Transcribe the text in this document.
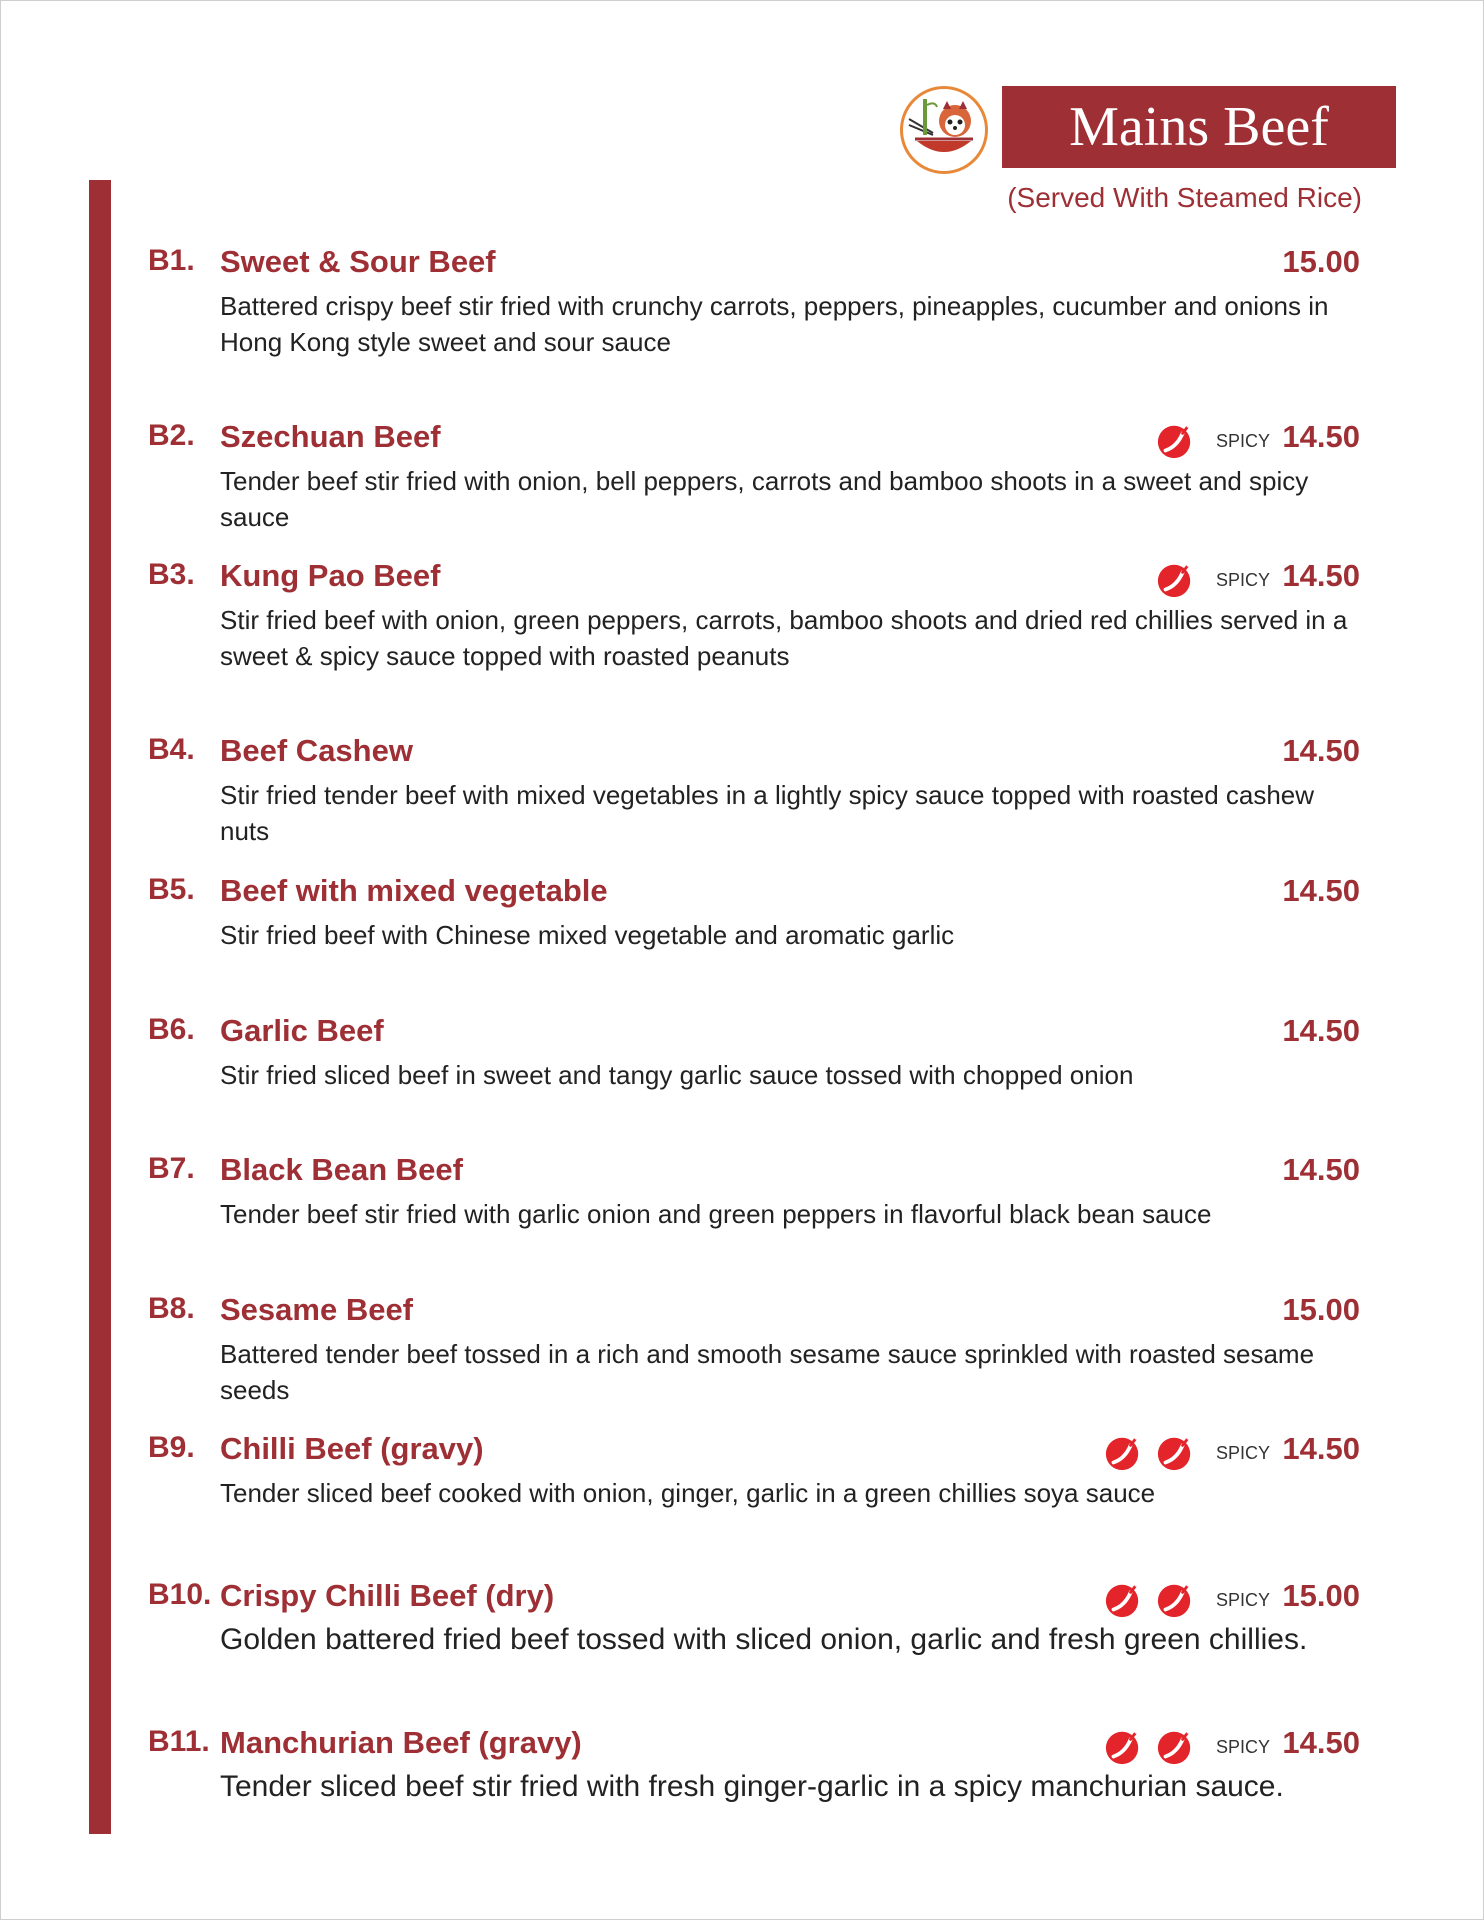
Mains Beef
(Served With Steamed Rice)
B1. Sweet & Sour Beef	15.00
Battered crispy beef stir fried with crunchy carrots, peppers, pineapples, cucumber and onions in Hong Kong style sweet and sour sauce
B2. Szechuan Beef	SPICY 14.50
Tender beef stir fried with onion, bell peppers, carrots and bamboo shoots in a sweet and spicy sauce
B3. Kung Pao Beef	SPICY 14.50
Stir fried beef with onion, green peppers, carrots, bamboo shoots and dried red chillies served in a sweet & spicy sauce topped with roasted peanuts
B4. Beef Cashew	14.50
Stir fried tender beef with mixed vegetables in a lightly spicy sauce topped with roasted cashew nuts
B5. Beef with mixed vegetable	14.50
Stir fried beef with Chinese mixed vegetable and aromatic garlic
B6. Garlic Beef	14.50
Stir fried sliced beef in sweet and tangy garlic sauce tossed with chopped onion
B7. Black Bean Beef	14.50
Tender beef stir fried with garlic onion and green peppers in flavorful black bean sauce
B8. Sesame Beef	15.00
Battered tender beef tossed in a rich and smooth sesame sauce sprinkled with roasted sesame seeds
B9. Chilli Beef (gravy)	SPICY 14.50
Tender sliced beef cooked with onion, ginger, garlic in a green chillies soya sauce
B10. Crispy Chilli Beef (dry)	SPICY 15.00
Golden battered fried beef tossed with sliced onion, garlic and fresh green chillies.
B11. Manchurian Beef (gravy)	SPICY 14.50
Tender sliced beef stir fried with fresh ginger-garlic in a spicy manchurian sauce.
